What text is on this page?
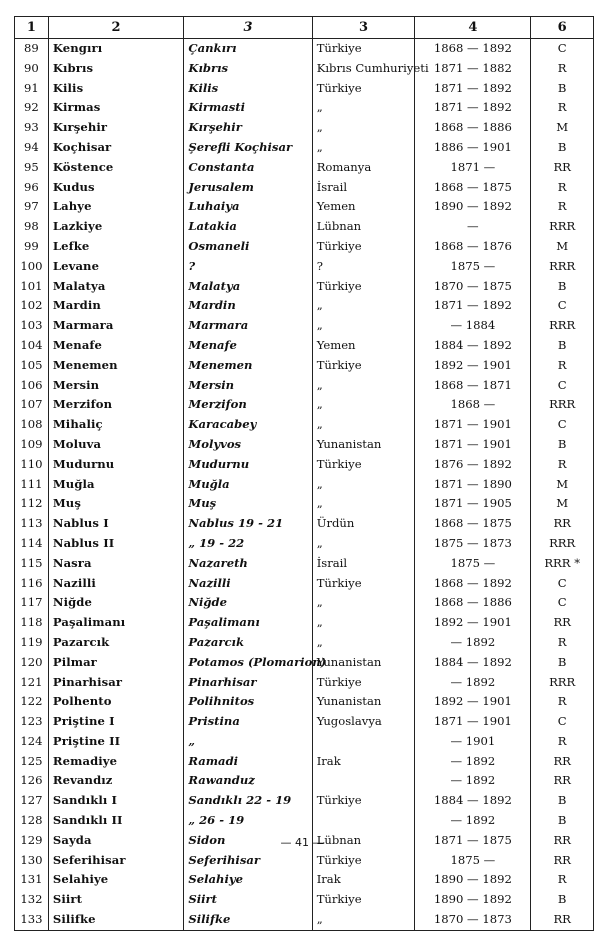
1	2	3	3	4	6
89	Kengırı	Çankırı	Türkiye	1868 — 1892	C
90	Kıbrıs	Kıbrıs	Kıbrıs Cumhuriyeti	1871 — 1882	R
91	Kilis	Kilis	Türkiye	1871 — 1892	B
92	Kirmas	Kirmasti	„	1871 — 1892	R
93	Kırşehir	Kırşehir	„	1868 — 1886	M
94	Koçhisar	Şerefli Koçhisar	„	1886 — 1901	B
95	Köstence	Constanta	Romanya	1871 —	RR
96	Kudus	Jerusalem	İsrail	1868 — 1875	R
97	Lahye	Luhaiya	Yemen	1890 — 1892	R
98	Lazkiye	Latakia	Lübnan	—	RRR
99	Lefke	Osmaneli	Türkiye	1868 — 1876	M
100	Levane	?	?	1875 —	RRR
101	Malatya	Malatya	Türkiye	1870 — 1875	B
102	Mardin	Mardin	„	1871 — 1892	C
103	Marmara	Marmara	„	— 1884	RRR
104	Menafe	Menafe	Yemen	1884 — 1892	B
105	Menemen	Menemen	Türkiye	1892 — 1901	R
106	Mersin	Mersin	„	1868 — 1871	C
107	Merzifon	Merzifon	„	1868 —	RRR
108	Mihaliç	Karacabey	„	1871 — 1901	C
109	Moluva	Molyvos	Yunanistan	1871 — 1901	B
110	Mudurnu	Mudurnu	Türkiye	1876 — 1892	R
111	Muğla	Muğla	„	1871 — 1890	M
112	Muş	Muş	„	1871 — 1905	M
113	Nablus I	Nablus 19 - 21	Ürdün	1868 — 1875	RR
114	Nablus II	„ 19 - 22	„	1875 — 1873	RRR
115	Nasra	Nazareth	İsrail	1875 —	RRR *
116	Nazilli	Nazilli	Türkiye	1868 — 1892	C
117	Niğde	Niğde	„	1868 — 1886	C
118	Paşalimanı	Paşalimanı	„	1892 — 1901	RR
119	Pazarcık	Pazarcık	„	— 1892	R
120	Pilmar	Potamos (Plomarion)	Yunanistan	1884 — 1892	B
121	Pinarhisar	Pinarhisar	Türkiye	— 1892	RRR
122	Polhento	Polihnitos	Yunanistan	1892 — 1901	R
123	Priştine I	Pristina	Yugoslavya	1871 — 1901	C
124	Priştine II	„		— 1901	R
125	Remadiye	Ramadi	Irak	— 1892	RR
126	Revandız	Rawanduz		— 1892	RR
127	Sandıklı I	Sandıklı 22 - 19	Türkiye	1884 — 1892	B
128	Sandıklı II	„ 26 - 19		— 1892	B
129	Sayda	Sidon	Lübnan	1871 — 1875	RR
130	Seferihisar	Seferihisar	Türkiye	1875 —	RR
131	Selahiye	Selahiye	Irak	1890 — 1892	R
132	Siirt	Siirt	Türkiye	1890 — 1892	B
133	Silifke	Silifke	„	1870 — 1873	RR
— 41 —
